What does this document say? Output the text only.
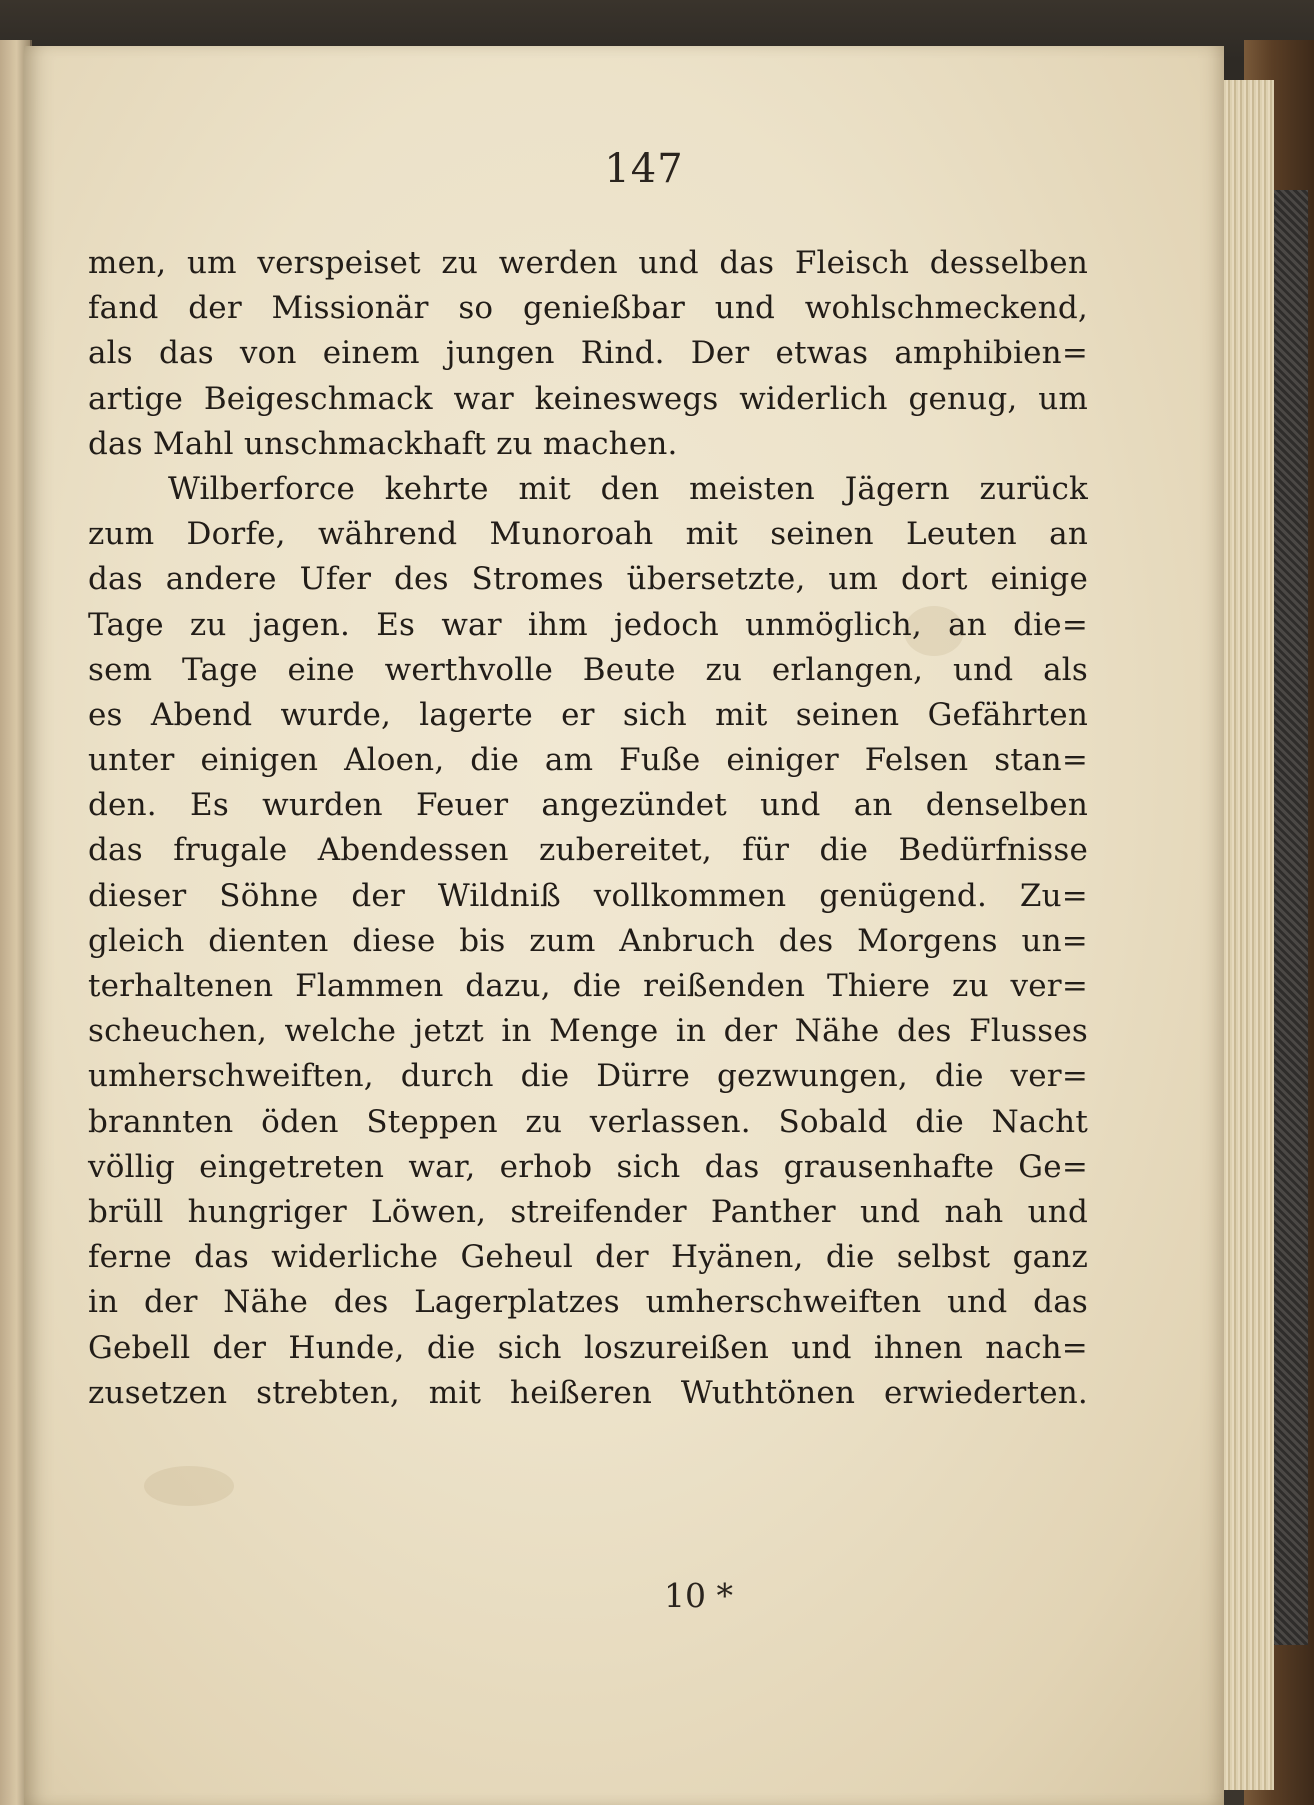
147

men, um verspeiset zu werden und das Fleisch desselben
fand der Missionär so genießbar und wohlschmeckend,
als das von einem jungen Rind. Der etwas amphibien=
artige Beigeschmack war keineswegs widerlich genug, um
das Mahl unschmackhaft zu machen.
Wilberforce kehrte mit den meisten Jägern zurück
zum Dorfe, während Munoroah mit seinen Leuten an
das andere Ufer des Stromes übersetzte, um dort einige
Tage zu jagen. Es war ihm jedoch unmöglich, an die=
sem Tage eine werthvolle Beute zu erlangen, und als
es Abend wurde, lagerte er sich mit seinen Gefährten
unter einigen Aloen, die am Fuße einiger Felsen stan=
den. Es wurden Feuer angezündet und an denselben
das frugale Abendessen zubereitet, für die Bedürfnisse
dieser Söhne der Wildniß vollkommen genügend. Zu=
gleich dienten diese bis zum Anbruch des Morgens un=
terhaltenen Flammen dazu, die reißenden Thiere zu ver=
scheuchen, welche jetzt in Menge in der Nähe des Flusses
umherschweiften, durch die Dürre gezwungen, die ver=
brannten öden Steppen zu verlassen. Sobald die Nacht
völlig eingetreten war, erhob sich das grausenhafte Ge=
brüll hungriger Löwen, streifender Panther und nah und
ferne das widerliche Geheul der Hyänen, die selbst ganz
in der Nähe des Lagerplatzes umherschweiften und das
Gebell der Hunde, die sich loszureißen und ihnen nach=
zusetzen strebten, mit heißeren Wuthtönen erwiederten.

10 *
